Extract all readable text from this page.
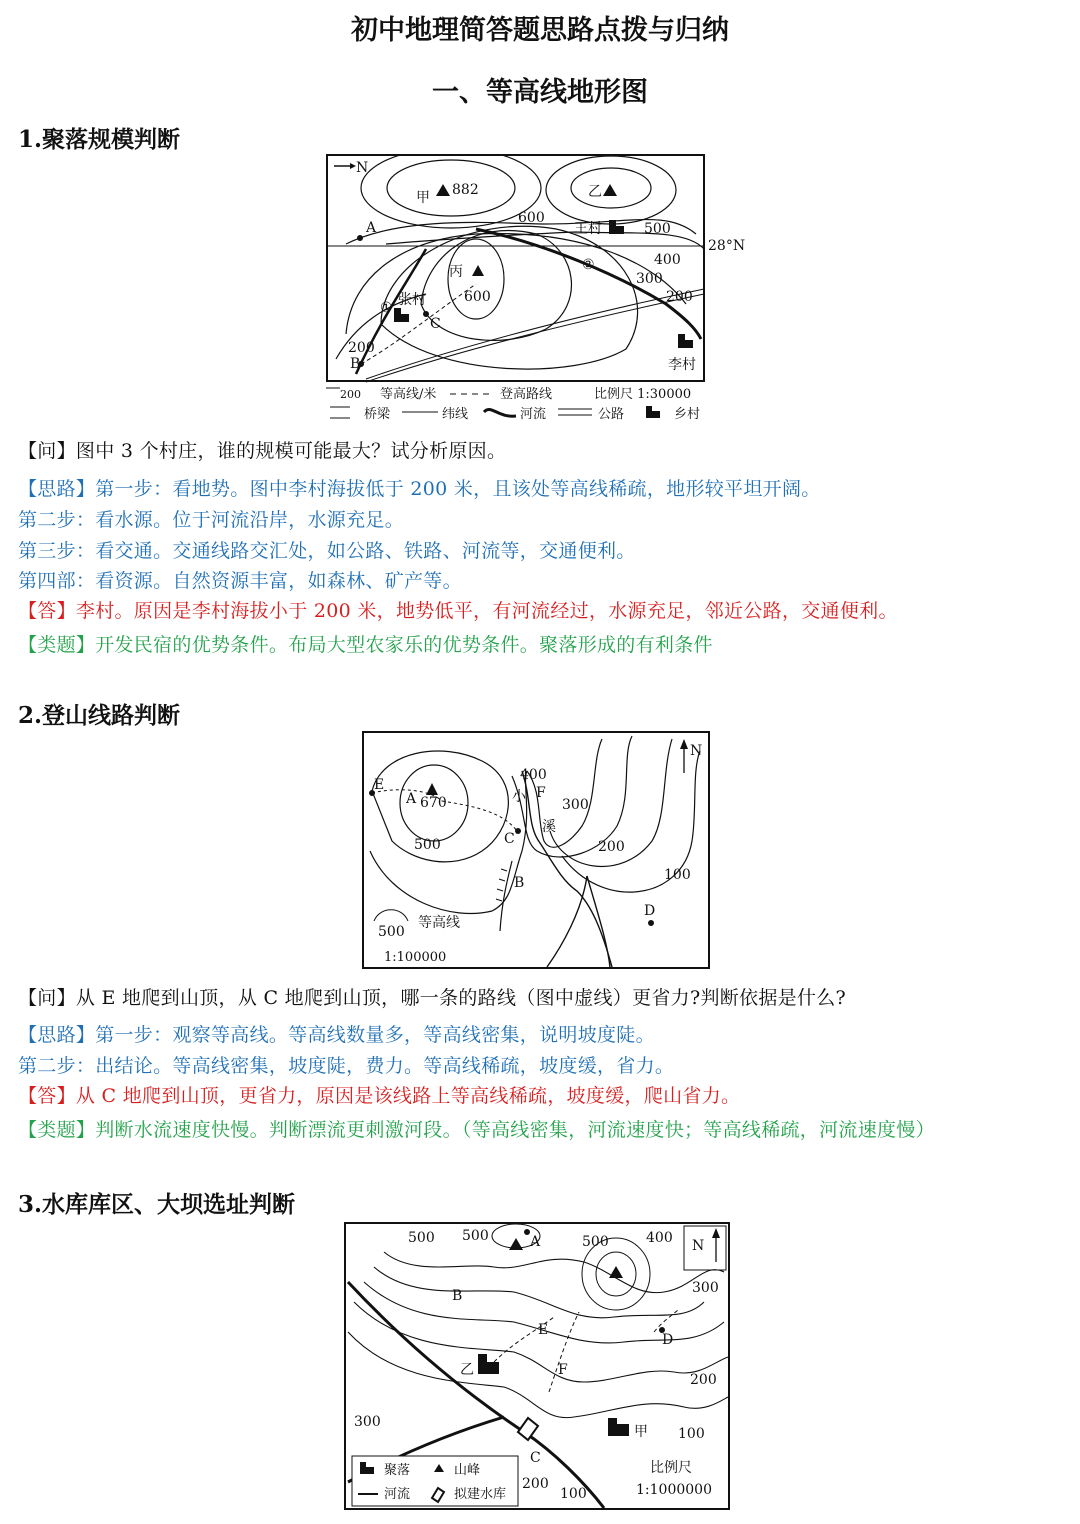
初中地理简答题思路点拨与归纳
一、等高线地形图
1.聚落规模判断
N
甲 882	乙
丙
600
600
500
400
300
200
200
王村
张村
李村
A
B
C
①
②
200 等高线/米	登高路线	比例尺 1:30000
桥梁	纬线	河流	公路	乡村
28°N
【问】图中 3 个村庄，谁的规模可能最大？试分析原因。
【思路】第一步：看地势。图中李村海拔低于 200 米，且该处等高线稀疏，地形较平坦开阔。
第二步：看水源。位于河流沿岸，水源充足。
第三步：看交通。交通线路交汇处，如公路、铁路、河流等，交通便利。
第四部：看资源。自然资源丰富，如森林、矿产等。
【答】李村。原因是李村海拔小于 200 米，地势低平，有河流经过，水源充足，邻近公路，交通便利。
【类题】开发民宿的优势条件。布局大型农家乐的优势条件。聚落形成的有利条件
2.登山线路判断
N
E
A 670
500	C
B
400
F
小
溪
300
200
100
D
500
等高线
1:100000
【问】从 E 地爬到山顶，从 C 地爬到山顶，哪一条的路线（图中虚线）更省力?判断依据是什么?
【思路】第一步：观察等高线。等高线数量多，等高线密集，说明坡度陡。
第二步：出结论。等高线密集，坡度陡，费力。等高线稀疏，坡度缓，省力。
【答】从 C 地爬到山顶，更省力，原因是该线路上等高线稀疏，坡度缓，爬山省力。
【类题】判断水流速度快慢。判断漂流更刺激河段。（等高线密集，河流速度快；等高线稀疏，河流速度慢）
3.水库库区、大坝选址判断
N
500 500	A	500	400
300
B
E
D
乙	F
200
300
甲 100
C
200
100
聚落	山峰
河流	拟建水库
比例尺
1:1000000
